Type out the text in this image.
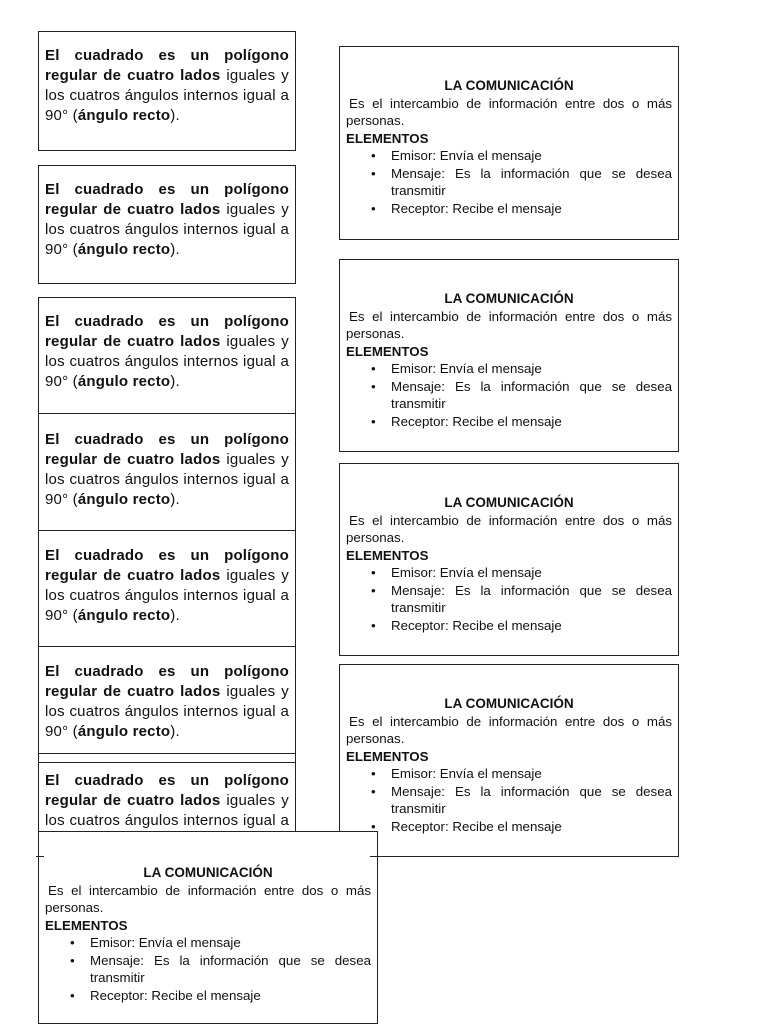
El cuadrado es un polígono regular de cuatro lados iguales y los cuatros ángulos internos igual a 90° (ángulo recto).
El cuadrado es un polígono regular de cuatro lados iguales y los cuatros ángulos internos igual a 90° (ángulo recto).
El cuadrado es un polígono regular de cuatro lados iguales y los cuatros ángulos internos igual a 90° (ángulo recto).
El cuadrado es un polígono regular de cuatro lados iguales y los cuatros ángulos internos igual a 90° (ángulo recto).
El cuadrado es un polígono regular de cuatro lados iguales y los cuatros ángulos internos igual a 90° (ángulo recto).
El cuadrado es un polígono regular de cuatro lados iguales y los cuatros ángulos internos igual a 90° (ángulo recto).
El cuadrado es un polígono regular de cuatro lados iguales y los cuatros ángulos internos igual a

LA COMUNICACIÓN

Es el intercambio de información entre dos o más personas.

ELEMENTOS

• Emisor: Envía el mensaje
• Mensaje: Es la información que se desea transmitir
• Receptor: Recibe el mensaje

LA COMUNICACIÓN

Es el intercambio de información entre dos o más personas.

ELEMENTOS

• Emisor: Envía el mensaje
• Mensaje: Es la información que se desea transmitir
• Receptor: Recibe el mensaje

LA COMUNICACIÓN

Es el intercambio de información entre dos o más personas.

ELEMENTOS

• Emisor: Envía el mensaje
• Mensaje: Es la información que se desea transmitir
• Receptor: Recibe el mensaje

LA COMUNICACIÓN

Es el intercambio de información entre dos o más personas.

ELEMENTOS

• Emisor: Envía el mensaje
• Mensaje: Es la información que se desea transmitir
• Receptor: Recibe el mensaje

LA COMUNICACIÓN

Es el intercambio de información entre dos o más personas.

ELEMENTOS

• Emisor: Envía el mensaje
• Mensaje: Es la información que se desea transmitir
• Receptor: Recibe el mensaje
